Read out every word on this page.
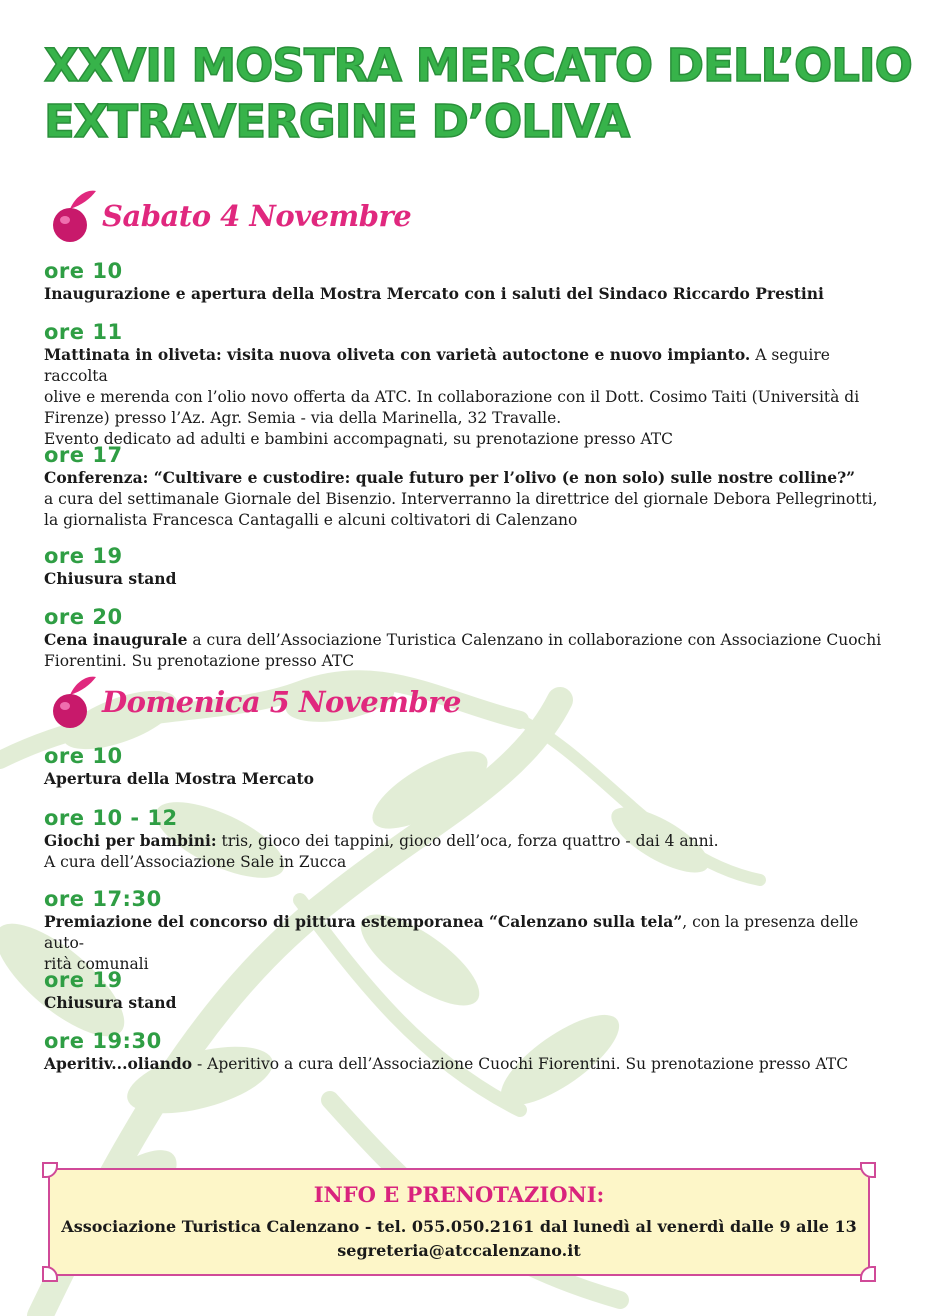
XXVII MOSTRA MERCATO DELL’OLIO
EXTRAVERGINE D’OLIVA
Sabato 4 Novembre
ore 10
Inaugurazione e apertura della Mostra Mercato con i saluti del Sindaco Riccardo Prestini
ore 11
Mattinata in oliveta: visita nuova oliveta con varietà autoctone e nuovo impianto. A seguire raccolta
olive e merenda con l’olio novo offerta da ATC. In collaborazione con il Dott. Cosimo Taiti (Università di
Firenze) presso l’Az. Agr. Semia - via della Marinella, 32 Travalle.
Evento dedicato ad adulti e bambini accompagnati, su prenotazione presso ATC
ore 17
Conferenza: “Cultivare e custodire: quale futuro per l’olivo (e non solo) sulle nostre colline?”
a cura del settimanale Giornale del Bisenzio. Interverranno la direttrice del giornale Debora Pellegrinotti,
la giornalista Francesca Cantagalli e alcuni coltivatori di Calenzano
ore 19
Chiusura stand
ore 20
Cena inaugurale a cura dell’Associazione Turistica Calenzano in collaborazione con Associazione Cuochi
Fiorentini. Su prenotazione presso ATC
Domenica 5 Novembre
ore 10
Apertura della Mostra Mercato
ore 10 - 12
Giochi per bambini: tris, gioco dei tappini, gioco dell’oca, forza quattro - dai 4 anni.
A cura dell’Associazione Sale in Zucca
ore 17:30
Premiazione del concorso di pittura estemporanea “Calenzano sulla tela”, con la presenza delle auto-
rità comunali
ore 19
Chiusura stand
ore 19:30
Aperitiv...oliando - Aperitivo a cura dell’Associazione Cuochi Fiorentini. Su prenotazione presso ATC
INFO E PRENOTAZIONI:
Associazione Turistica Calenzano - tel. 055.050.2161 dal lunedì al venerdì dalle 9 alle 13
segreteria@atccalenzano.it
